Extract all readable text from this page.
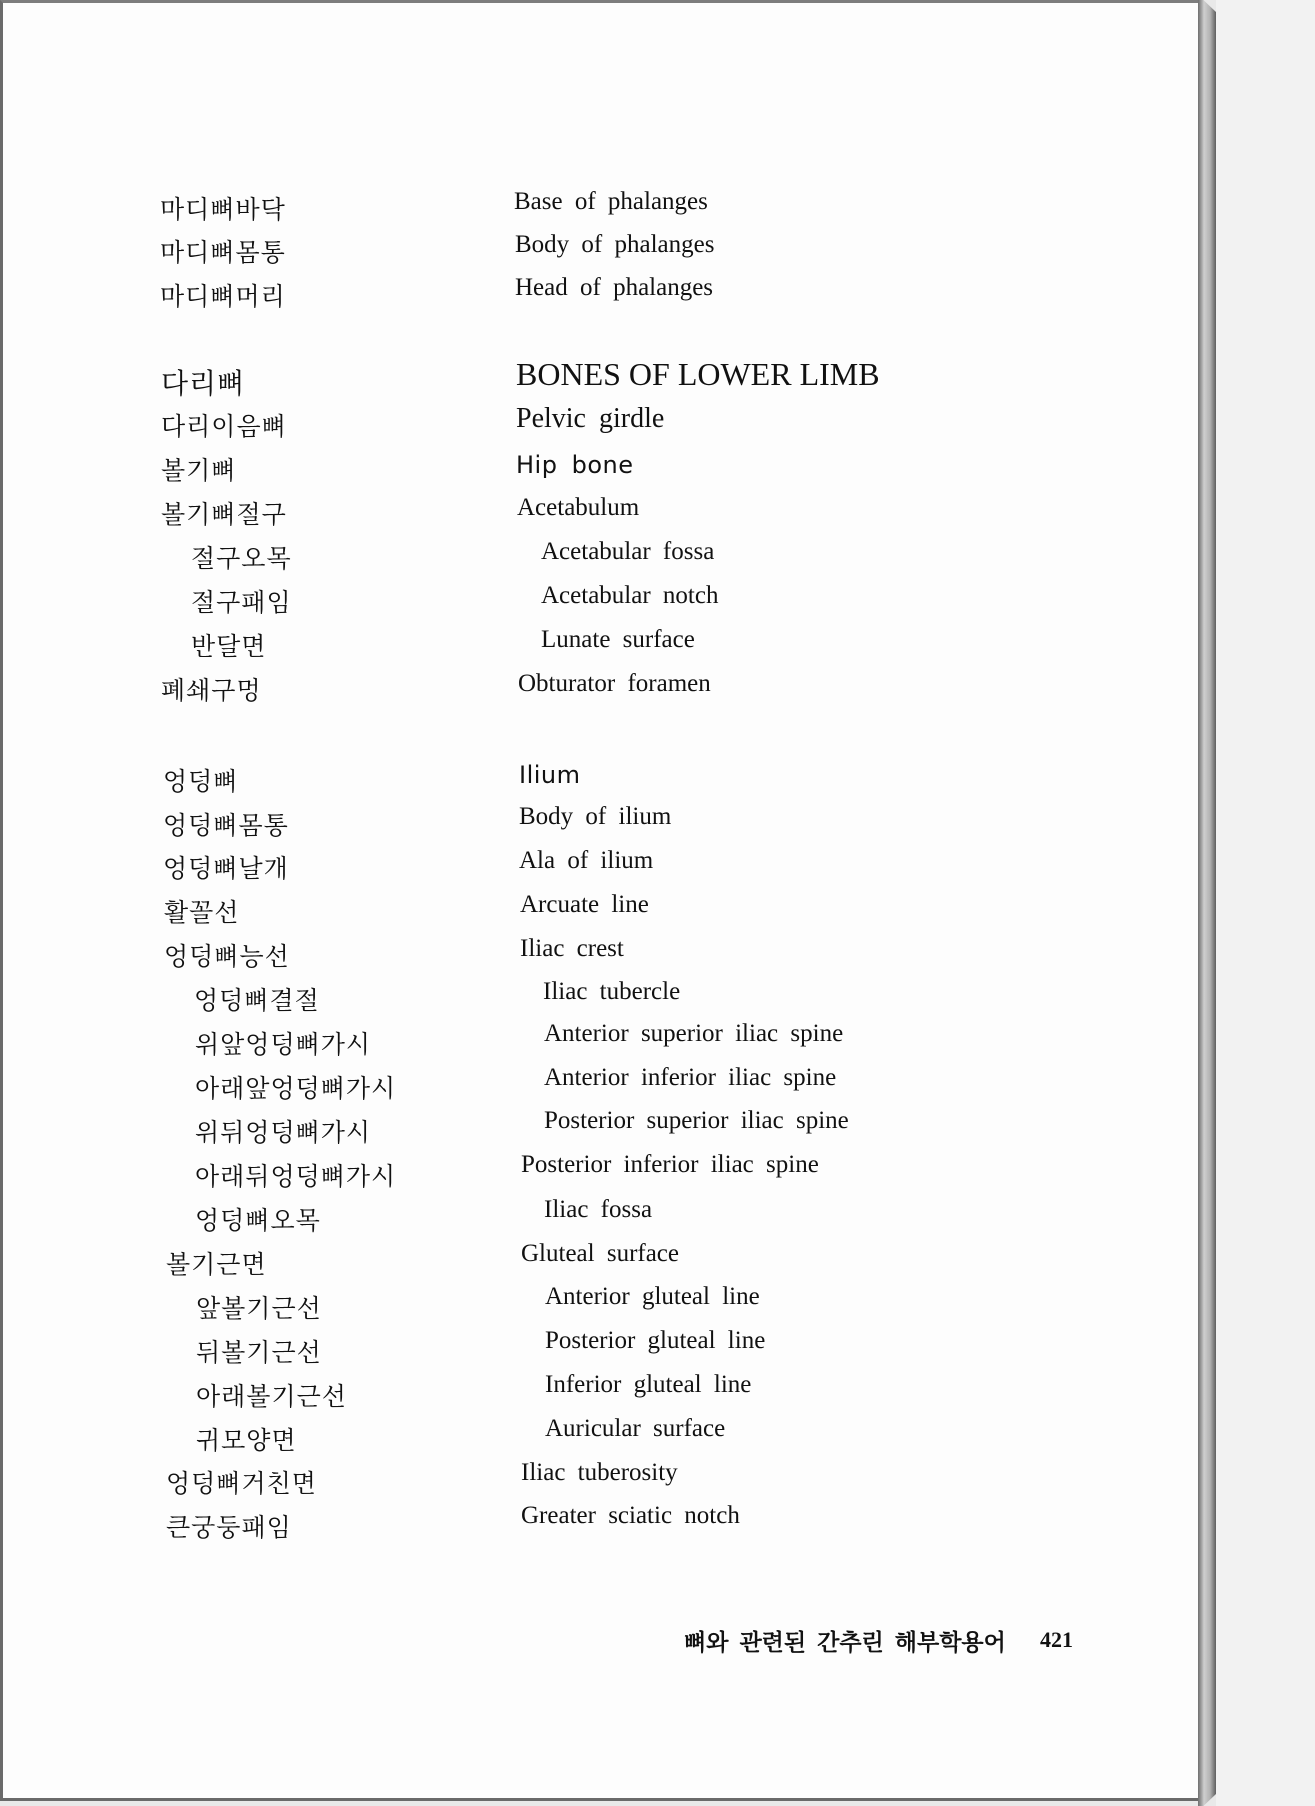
마디뼈바닥	Base of phalanges
마디뼈몸통	Body of phalanges
마디뼈머리	Head of phalanges
다리뼈	BONES OF LOWER LIMB
다리이음뼈	Pelvic girdle
볼기뼈	Hip bone
볼기뼈절구	Acetabulum
절구오목	Acetabular fossa
절구패임	Acetabular notch
반달면	Lunate surface
폐쇄구멍	Obturator foramen
엉덩뼈	Ilium
엉덩뼈몸통	Body of ilium
엉덩뼈날개	Ala of ilium
활꼴선	Arcuate line
엉덩뼈능선	Iliac crest
엉덩뼈결절	Iliac tubercle
위앞엉덩뼈가시	Anterior superior iliac spine
아래앞엉덩뼈가시	Anterior inferior iliac spine
위뒤엉덩뼈가시	Posterior superior iliac spine
아래뒤엉덩뼈가시	Posterior inferior iliac spine
엉덩뼈오목	Iliac fossa
볼기근면	Gluteal surface
앞볼기근선	Anterior gluteal line
뒤볼기근선	Posterior gluteal line
아래볼기근선	Inferior gluteal line
귀모양면	Auricular surface
엉덩뼈거친면	Iliac tuberosity
큰궁둥패임	Greater sciatic notch
뼈와 관련된 간추린 해부학용어 421
